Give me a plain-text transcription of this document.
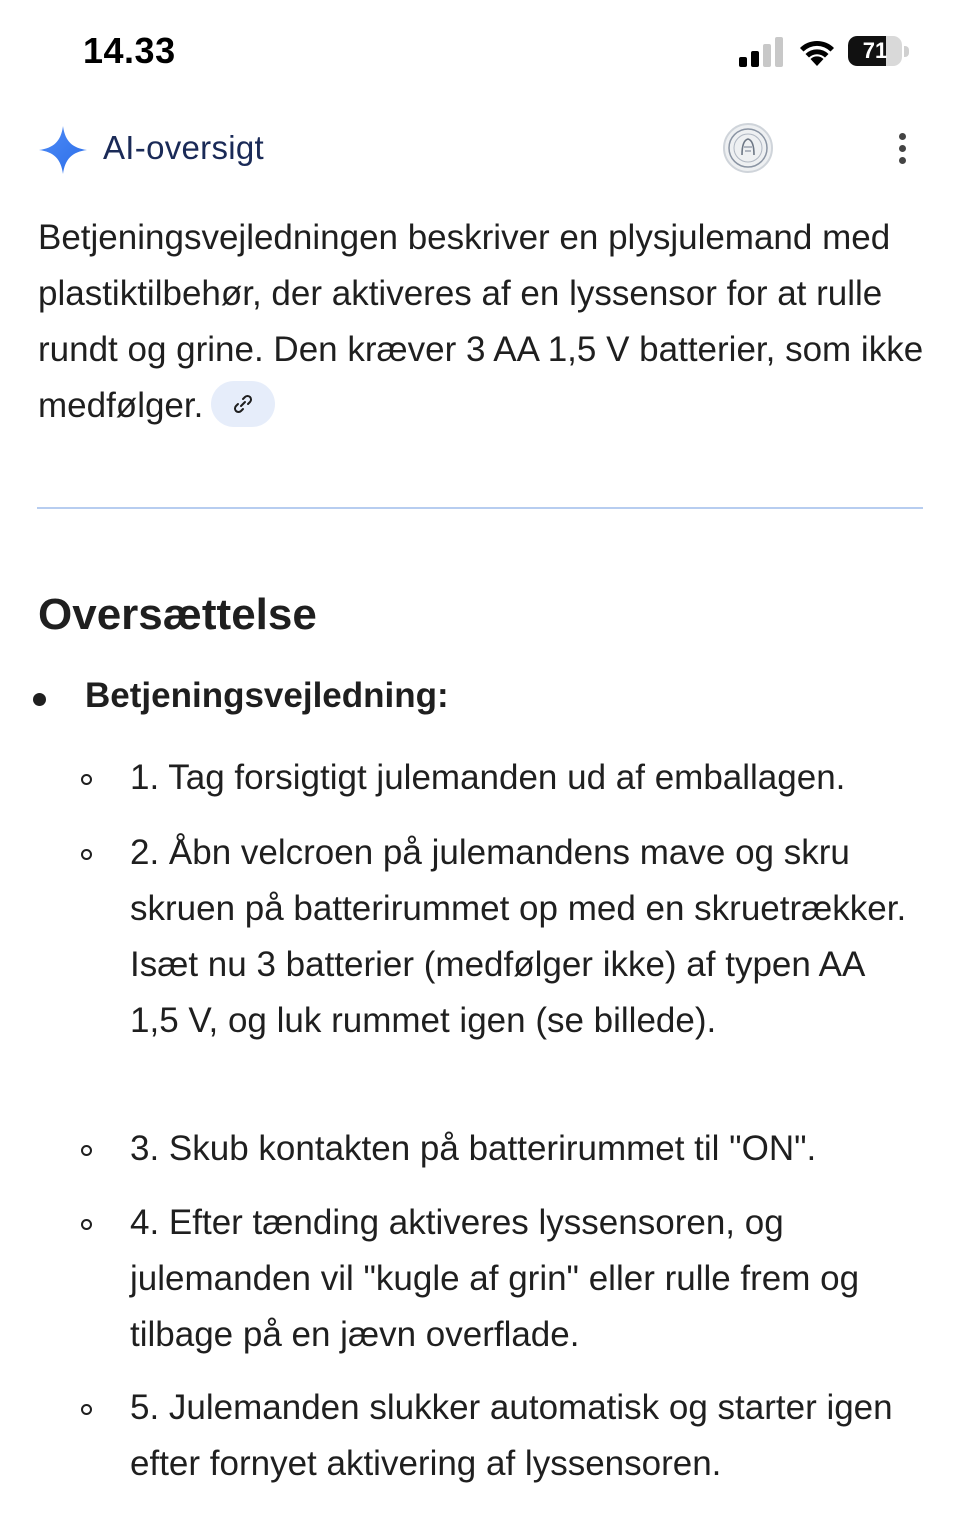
14.33	71
AI-oversigt
Betjeningsvejledningen beskriver en plysjulemand med plastiktilbehør, der aktiveres af en lyssensor for at rulle rundt og grine. Den kræver 3 AA 1,5 V batterier, som ikke medfølger.
Oversættelse
Betjeningsvejledning:
1. Tag forsigtigt julemanden ud af emballagen.
2. Åbn velcroen på julemandens mave og skru skruen på batterirummet op med en skruetrækker. Isæt nu 3 batterier (medfølger ikke) af typen AA 1,5 V, og luk rummet igen (se billede).
3. Skub kontakten på batterirummet til "ON".
4. Efter tænding aktiveres lyssensoren, og julemanden vil "kugle af grin" eller rulle frem og tilbage på en jævn overflade.
5. Julemanden slukker automatisk og starter igen efter fornyet aktivering af lyssensoren.
